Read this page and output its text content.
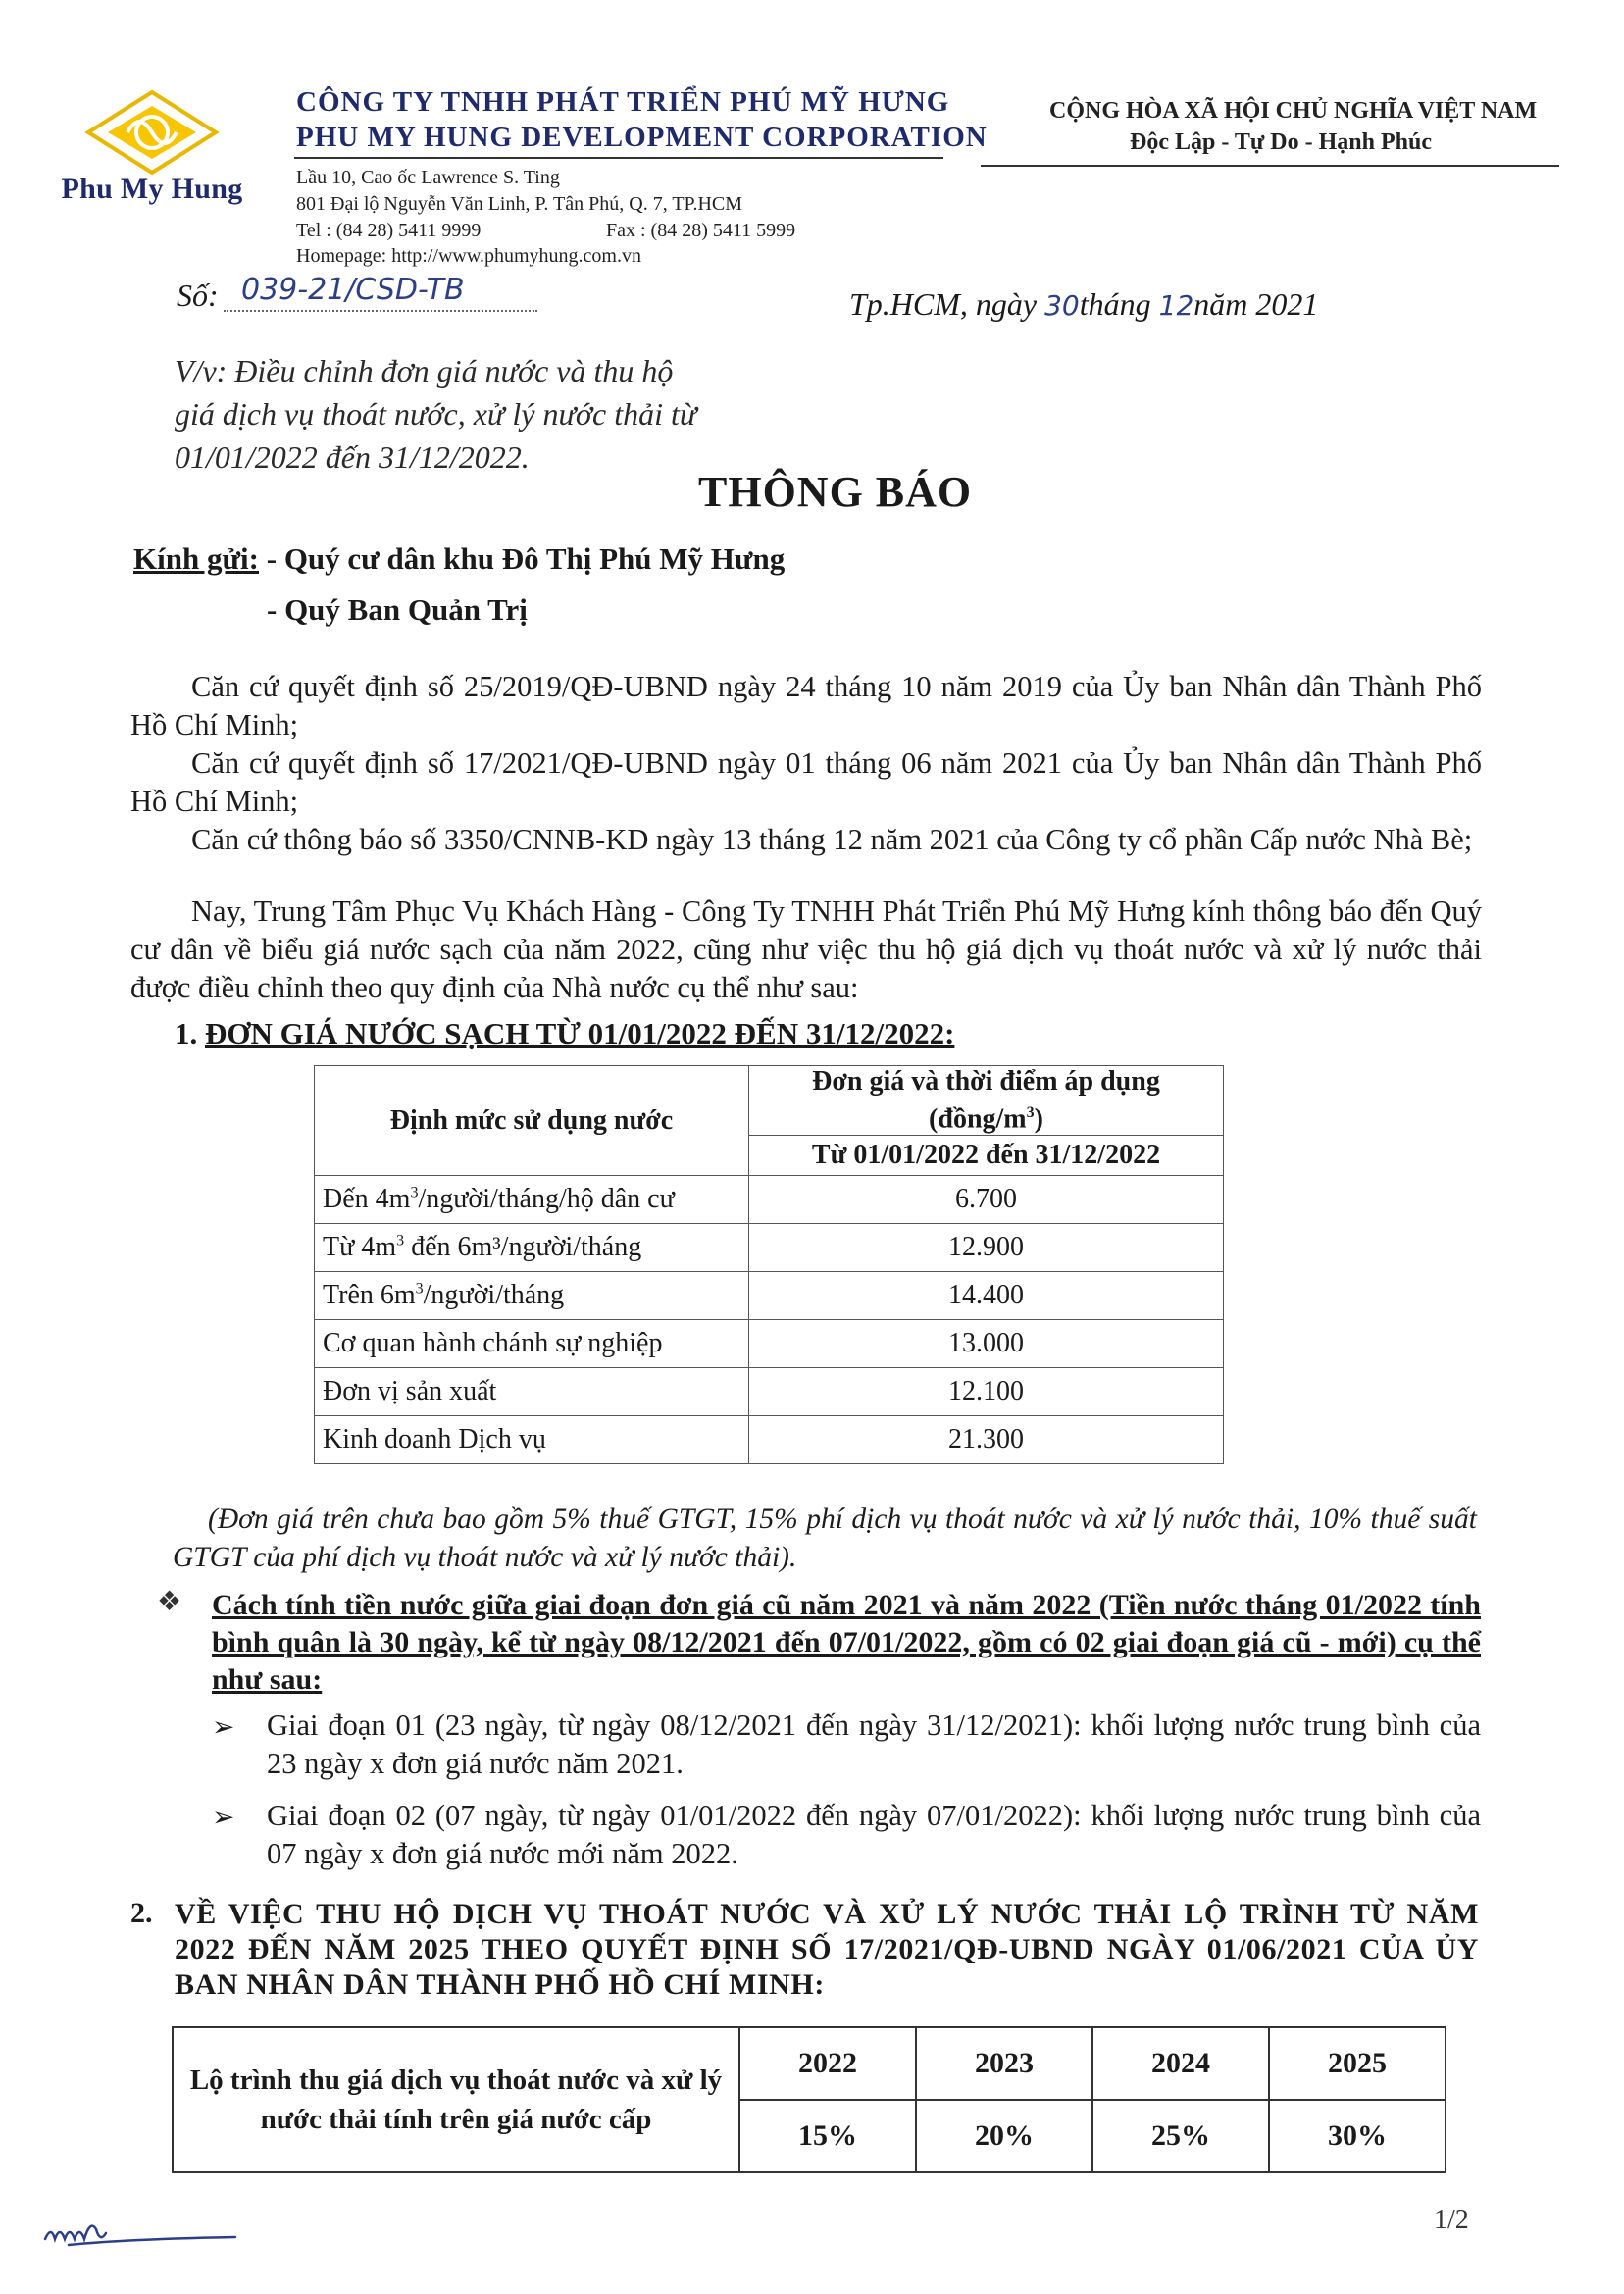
Phu My Hung
CÔNG TY TNHH PHÁT TRIỂN PHÚ MỸ HƯNG
PHU MY HUNG DEVELOPMENT CORPORATION
Lầu 10, Cao ốc Lawrence S. Ting
801 Đại lộ Nguyễn Văn Linh, P. Tân Phú, Q. 7, TP.HCM
Tel : (84 28) 5411 9999	Fax : (84 28) 5411 5999
Homepage: http://www.phumyhung.com.vn
CỘNG HÒA XÃ HỘI CHỦ NGHĨA VIỆT NAM
Độc Lập - Tự Do - Hạnh Phúc
Số: 039-21/CSD-TB	Tp.HCM, ngày 30tháng 12năm 2021
V/v: Điều chỉnh đơn giá nước và thu hộ
giá dịch vụ thoát nước, xử lý nước thải từ
01/01/2022 đến 31/12/2022.
THÔNG BÁO
Kính gửi: - Quý cư dân khu Đô Thị Phú Mỹ Hưng
- Quý Ban Quản Trị
Căn cứ quyết định số 25/2019/QĐ-UBND ngày 24 tháng 10 năm 2019 của Ủy ban Nhân dân Thành Phố Hồ Chí Minh;
Căn cứ quyết định số 17/2021/QĐ-UBND ngày 01 tháng 06 năm 2021 của Ủy ban Nhân dân Thành Phố Hồ Chí Minh;
Căn cứ thông báo số 3350/CNNB-KD ngày 13 tháng 12 năm 2021 của Công ty cổ phần Cấp nước Nhà Bè;
Nay, Trung Tâm Phục Vụ Khách Hàng - Công Ty TNHH Phát Triển Phú Mỹ Hưng kính thông báo đến Quý cư dân về biểu giá nước sạch của năm 2022, cũng như việc thu hộ giá dịch vụ thoát nước và xử lý nước thải được điều chỉnh theo quy định của Nhà nước cụ thể như sau:
1. ĐƠN GIÁ NƯỚC SẠCH TỪ 01/01/2022 ĐẾN 31/12/2022:
Định mức sử dụng nước	Đơn giá và thời điểm áp dụng
$(đồng/m^3)$

	Từ 01/01/2022 đến 31/12/2022
Đến $4m^3/người/tháng/hộ$ dân cư	6.700
Từ $4m^3$ đến 6m³/người/tháng	12.900
Trên $6m^3/người$/tháng	14.400
Cơ quan hành chánh sự nghiệp	13.000
Đơn vị sản xuất	12.100
Kinh doanh Dịch vụ	21.300
(Đơn giá trên chưa bao gồm 5% thuế GTGT, 15% phí dịch vụ thoát nước và xử lý nước thải, 10% thuế suất GTGT của phí dịch vụ thoát nước và xử lý nước thải).
❖ Cách tính tiền nước giữa giai đoạn đơn giá cũ năm 2021 và năm 2022 (Tiền nước tháng 01/2022 tính bình quân là 30 ngày, kể từ ngày 08/12/2021 đến 07/01/2022, gồm có 02 giai đoạn giá cũ - mới) cụ thể như sau:
➢ Giai đoạn 01 (23 ngày, từ ngày 08/12/2021 đến ngày 31/12/2021): khối lượng nước trung bình của 23 ngày x đơn giá nước năm 2021.
➢ Giai đoạn 02 (07 ngày, từ ngày 01/01/2022 đến ngày 07/01/2022): khối lượng nước trung bình của 07 ngày x đơn giá nước mới năm 2022.
2. VỀ VIỆC THU HỘ DỊCH VỤ THOÁT NƯỚC VÀ XỬ LÝ NƯỚC THẢI LỘ TRÌNH TỪ NĂM 2022 ĐẾN NĂM 2025 THEO QUYẾT ĐỊNH SỐ 17/2021/QĐ-UBND NGÀY 01/06/2021 CỦA ỦY BAN NHÂN DÂN THÀNH PHỐ HỒ CHÍ MINH:
Lộ trình thu giá dịch vụ thoát nước và xử lý nước thải tính trên giá nước cấp	2022	2023	2024	2025
	15%	20%	25%	30%
1/2
